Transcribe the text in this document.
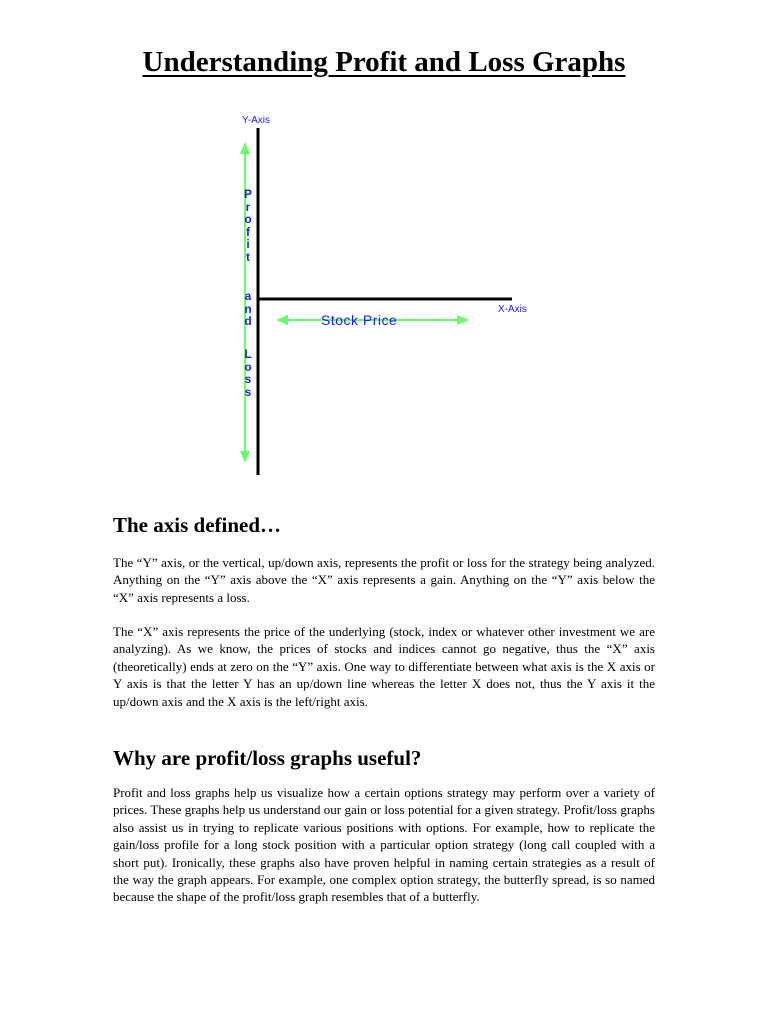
Understanding Profit and Loss Graphs
Y-Axis
X-Axis
P
r
o
f
i
t
a
n
d
L
o
s
s
Stock Price
The axis defined…

The “Y” axis, or the vertical, up/down axis, represents the profit or loss for the strategy being analyzed. Anything on the “Y” axis above the “X” axis represents a gain. Anything on the “Y” axis below the “X” axis represents a loss.

The “X” axis represents the price of the underlying (stock, index or whatever other investment we are analyzing). As we know, the prices of stocks and indices cannot go negative, thus the “X” axis (theoretically) ends at zero on the “Y” axis. One way to differentiate between what axis is the X axis or Y axis is that the letter Y has an up/down line whereas the letter X does not, thus the Y axis it the up/down axis and the X axis is the left/right axis.

Why are profit/loss graphs useful?

Profit and loss graphs help us visualize how a certain options strategy may perform over a variety of prices. These graphs help us understand our gain or loss potential for a given strategy. Profit/loss graphs also assist us in trying to replicate various positions with options. For example, how to replicate the gain/loss profile for a long stock position with a particular option strategy (long call coupled with a short put). Ironically, these graphs also have proven helpful in naming certain strategies as a result of the way the graph appears. For example, one complex option strategy, the butterfly spread, is so named because the shape of the profit/loss graph resembles that of a butterfly.
